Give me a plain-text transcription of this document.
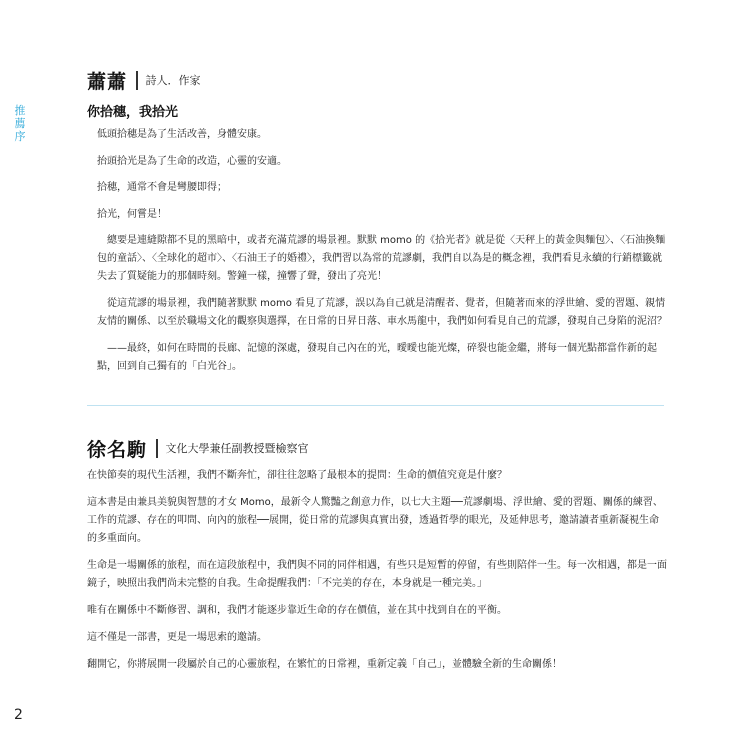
推
薦
序
蕭蕭 詩人．作家
你拾穗，我拾光

低頭拾穗是為了生活改善，身體安康。

抬頭拾光是為了生命的改造，心靈的安適。

拾穗，通常不會是彎腰即得；

拾光，何嘗是！

總要是連縫隙都不見的黑暗中，或者充滿荒謬的場景裡。默默 momo 的《拾光者》就是從〈天秤上的黃金與麵包〉、〈石油換麵包的童話〉、〈全球化的超市〉、〈石油王子的婚禮〉，我們習以為常的荒謬劇，我們自以為是的概念裡，我們看見永續的行銷標籤就失去了質疑能力的那個時刻。警鐘一樣，撞響了聲，發出了亮光！

從這荒謬的場景裡，我們隨著默默 momo 看見了荒謬，誤以為自己就是清醒者、覺者，但隨著而來的浮世繪、愛的習題、親情友情的關係、以至於職場文化的觀察與選擇，在日常的日昇日落、車水馬龍中，我們如何看見自己的荒謬，發現自己身陷的泥沼？

——最終，如何在時間的長廊、記憶的深處，發現自己內在的光，曖曖也能光燦，碎裂也能金繼，將每一個光點都當作新的起點，回到自己獨有的「白光谷」。

徐名駒 文化大學兼任副教授暨檢察官

在快節奏的現代生活裡，我們不斷奔忙，卻往往忽略了最根本的提問：生命的價值究竟是什麼？

這本書是由兼具美貌與智慧的才女 Momo，最新令人驚豔之創意力作，以七大主題──荒謬劇場、浮世繪、愛的習題、關係的練習、工作的荒謬、存在的叩問、向內的旅程──展開，從日常的荒謬與真實出發，透過哲學的眼光，及延伸思考，邀請讀者重新凝視生命的多重面向。

生命是一場關係的旅程，而在這段旅程中，我們與不同的同伴相遇，有些只是短暫的停留，有些則陪伴一生。每一次相遇，都是一面鏡子，映照出我們尚未完整的自我。生命提醒我們：「不完美的存在，本身就是一種完美。」

唯有在關係中不斷修習、調和，我們才能逐步靠近生命的存在價值，並在其中找到自在的平衡。

這不僅是一部書，更是一場思索的邀請。

翻開它，你將展開一段屬於自己的心靈旅程，在繁忙的日常裡，重新定義「自己」，並體驗全新的生命關係！

2
